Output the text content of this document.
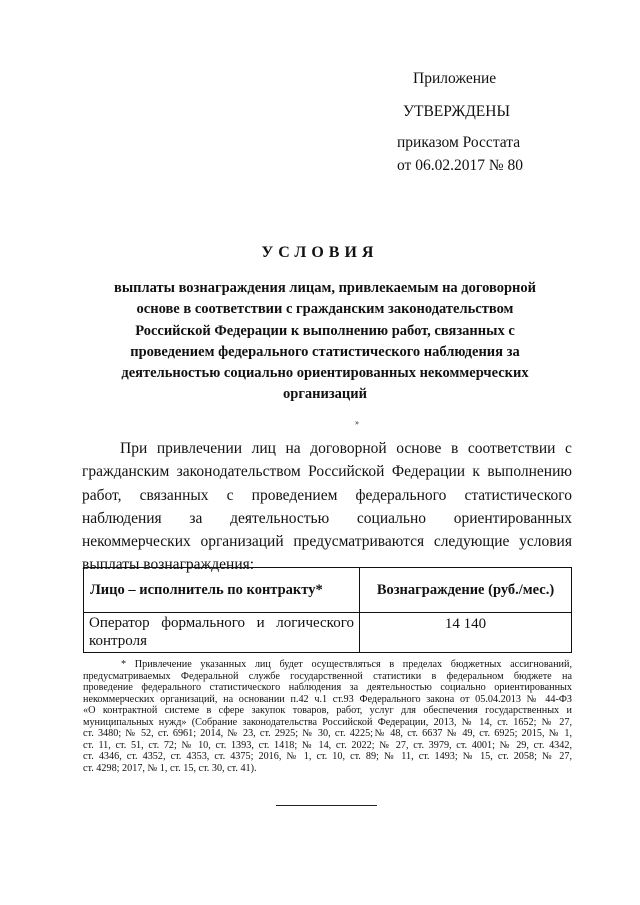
Приложение
УТВЕРЖДЕНЫ
приказом Росстата
от 06.02.2017 № 80
УСЛОВИЯ
выплаты вознаграждения лицам, привлекаемым на договорной
основе в соответствии с гражданским законодательством
Российской Федерации к выполнению работ, связанных с
проведением федерального статистического наблюдения за
деятельностью социально ориентированных некоммерческих
организаций
»
При привлечении лиц на договорной основе в соответствии с
гражданским законодательством Российской Федерации к выполнению
работ, связанных с проведением федерального статистического
наблюдения за деятельностью социально ориентированных
некоммерческих организаций предусматриваются следующие условия
выплаты вознаграждения:
Лицо – исполнитель по контракту*	Вознаграждение (руб./мес.)
Оператор формального и логического контроля	14 140
* Привлечение указанных лиц будет осуществляться в пределах бюджетных ассигнований,
предусматриваемых Федеральной службе государственной статистики в федеральном бюджете на
проведение федерального статистического наблюдения за деятельностью социально ориентированных
некоммерческих организаций, на основании п.42 ч.1 ст.93 Федерального закона от 05.04.2013 № 44-ФЗ
«О контрактной системе в сфере закупок товаров, работ, услуг для обеспечения государственных и
муниципальных нужд» (Собрание законодательства Российской Федерации, 2013, № 14, ст. 1652; № 27,
ст. 3480; № 52, ст. 6961; 2014, № 23, ст. 2925; № 30, ст. 4225;№ 48, ст. 6637 № 49, ст. 6925; 2015, № 1,
ст. 11, ст. 51, ст. 72; № 10, ст. 1393, ст. 1418; № 14, ст. 2022; № 27, ст. 3979, ст. 4001; № 29, ст. 4342,
ст. 4346, ст. 4352, ст. 4353, ст. 4375; 2016, № 1, ст. 10, ст. 89; № 11, ст. 1493; № 15, ст. 2058; № 27,
ст. 4298; 2017, № 1, ст. 15, ст. 30, ст. 41).
